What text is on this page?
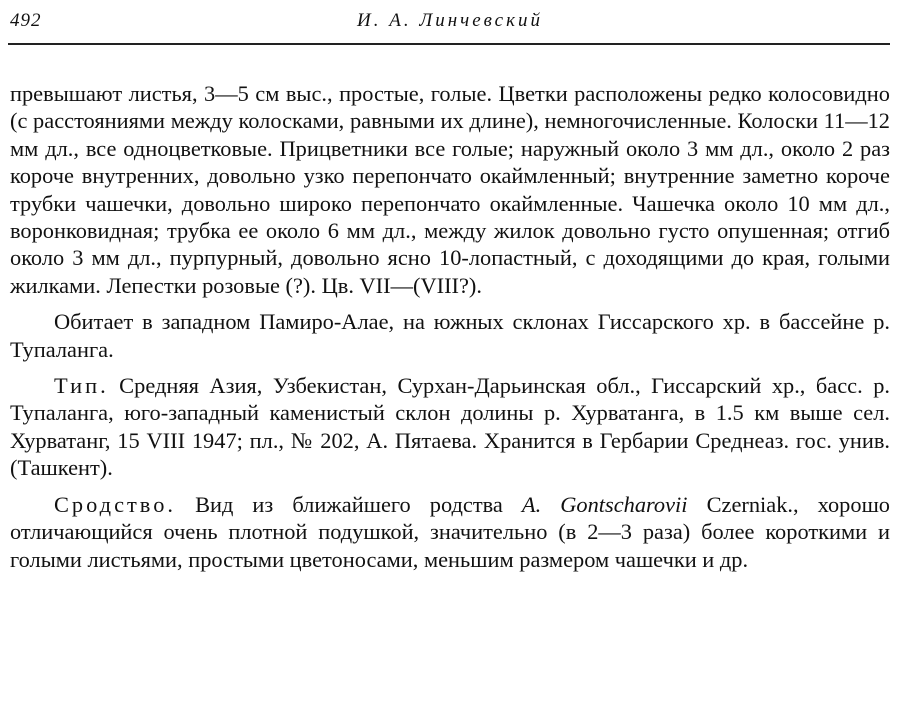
492	И. А. Линчевский

превышают листья, 3—5 см выс., простые, голые. Цветки расположены редко колосовидно (с расстояниями между колосками, равными их длине), немногочисленные. Колоски 11—12 мм дл., все одноцветковые. Прицветники все голые; наружный около 3 мм дл., около 2 раз короче внутренних, довольно узко перепончато окаймленный; внутренние заметно короче трубки чашечки, довольно широко перепончато окаймленные. Чашечка около 10 мм дл., воронковидная; трубка ее около 6 мм дл., между жилок довольно густо опушенная; отгиб около 3 мм дл., пурпурный, довольно ясно 10-лопастный, с доходящими до края, голыми жилками. Лепестки розовые (?). Цв. VII—(VIII?).

Обитает в западном Памиро-Алае, на южных склонах Гиссарского хр. в бассейне р. Тупаланга.

Тип. Средняя Азия, Узбекистан, Сурхан-Дарьинская обл., Гиссарский хр., басс. р. Тупаланга, юго-западный каменистый склон долины р. Хурватанга, в 1.5 км выше сел. Хурватанг, 15 VIII 1947; пл., № 202, А. Пятаева. Хранится в Гербарии Среднеаз. гос. унив. (Ташкент).

Сродство. Вид из ближайшего родства A. Gontscharovii Czerniak., хорошо отличающийся очень плотной подушкой, значительно (в 2—3 раза) более короткими и голыми листьями, простыми цветоносами, меньшим размером чашечки и др.
